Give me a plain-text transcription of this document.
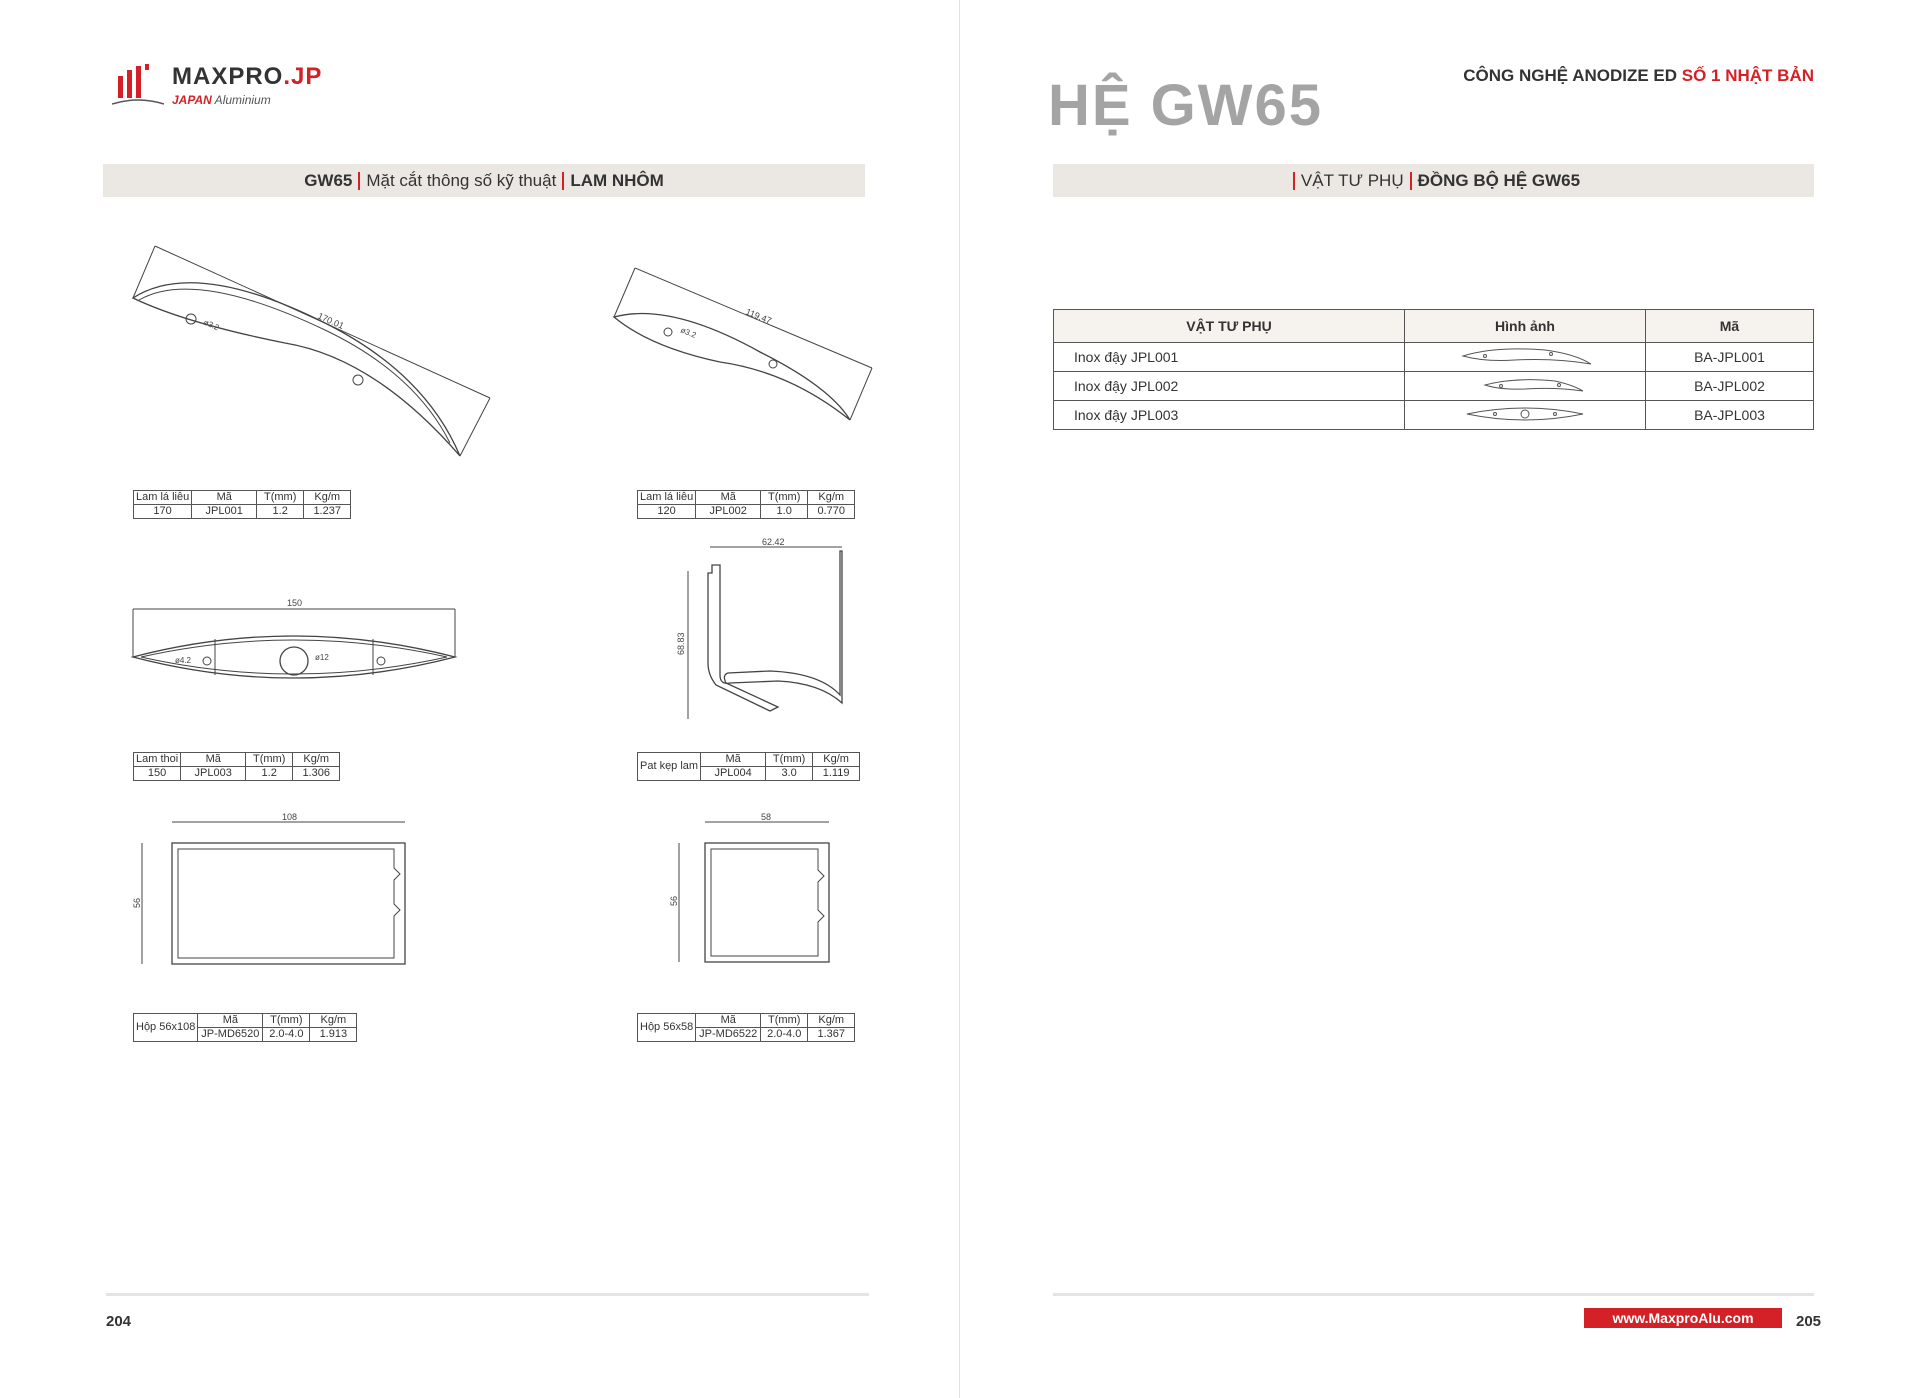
MAXPRO.JP
JAPAN Aluminium
GW65 Mặt cắt thông số kỹ thuật LAM NHÔM
170.01
ø3.2
Lam lá liễu	Mã	T(mm)	Kg/m
170	JPL001	1.2	1.237
119.47
ø3.2
Lam lá liễu	Mã	T(mm)	Kg/m
120	JPL002	1.0	0.770
150
ø4.2	ø12
Lam thoi	Mã	T(mm)	Kg/m
150	JPL003	1.2	1.306
62.42
68.83
Pat kẹp lam	Mã	T(mm)	Kg/m
	JPL004	3.0	1.119
108
56
Hộp 56x108	Mã	T(mm)	Kg/m
	JP-MD6520	2.0-4.0	1.913
58
56
Hộp 56x58	Mã	T(mm)	Kg/m
	JP-MD6522	2.0-4.0	1.367
204
HỆ GW65	CÔNG NGHỆ ANODIZE ED SỐ 1 NHẬT BẢN
VẬT TƯ PHỤ ĐỒNG BỘ HỆ GW65
VẬT TƯ PHỤ	Hình ảnh	Mã
Inox đậy JPL001		BA-JPL001
Inox đậy JPL002		BA-JPL002
Inox đậy JPL003		BA-JPL003
www.MaxproAlu.com	205
